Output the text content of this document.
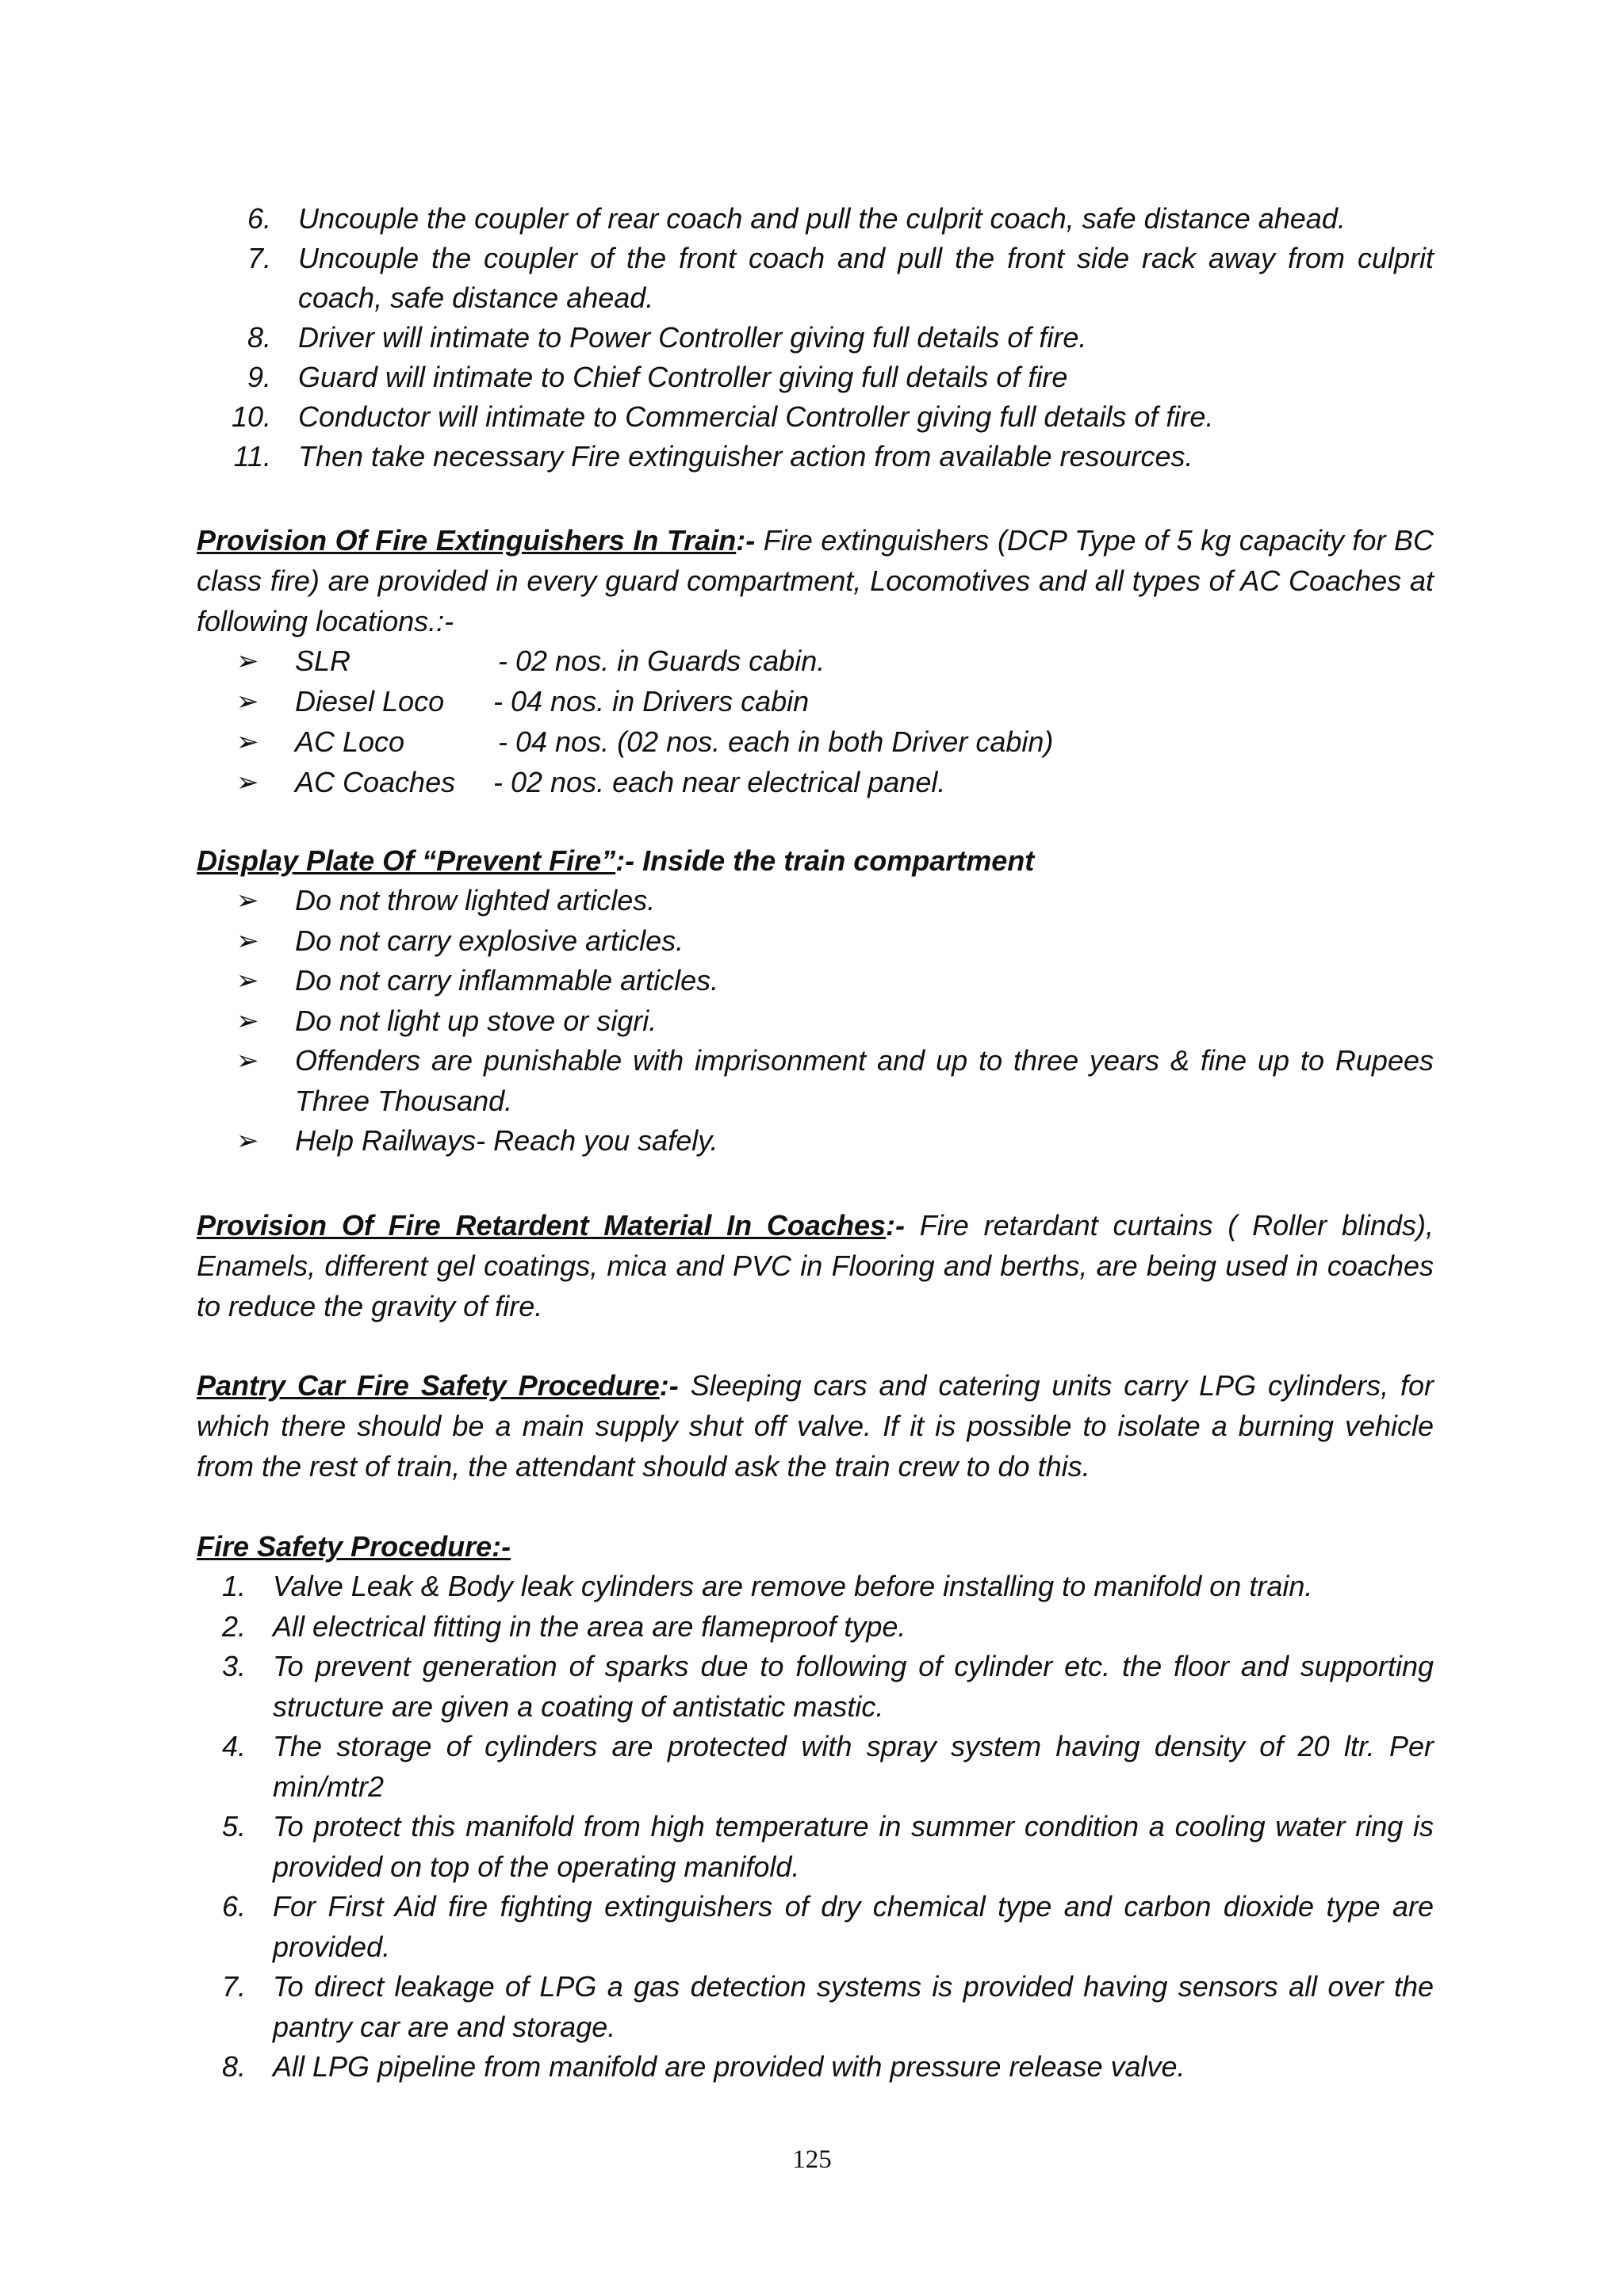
6. Uncouple the coupler of rear coach and pull the culprit coach, safe distance ahead.
7. Uncouple the coupler of the front coach and pull the front side rack away from culprit coach, safe distance ahead.
8. Driver will intimate to Power Controller giving full details of fire.
9. Guard will intimate to Chief Controller giving full details of fire
10. Conductor will intimate to Commercial Controller giving full details of fire.
11. Then take necessary Fire extinguisher action from available resources.

Provision Of Fire Extinguishers In Train:- Fire extinguishers (DCP Type of 5 kg capacity for BC class fire) are provided in every guard compartment, Locomotives and all types of AC Coaches at following locations.:-

➢ SLR	- 02 nos. in Guards cabin.
➢ Diesel Loco - 04 nos. in Drivers cabin
➢ AC Loco	- 04 nos. (02 nos. each in both Driver cabin)
➢ AC Coaches - 02 nos. each near electrical panel.

Display Plate Of “Prevent Fire”:- Inside the train compartment

➢ Do not throw lighted articles.
➢ Do not carry explosive articles.
➢ Do not carry inflammable articles.
➢ Do not light up stove or sigri.
➢ Offenders are punishable with imprisonment and up to three years & fine up to Rupees Three Thousand.
➢ Help Railways- Reach you safely.

Provision Of Fire Retardent Material In Coaches:- Fire retardant curtains ( Roller blinds), Enamels, different gel coatings, mica and PVC in Flooring and berths, are being used in coaches to reduce the gravity of fire.

Pantry Car Fire Safety Procedure:- Sleeping cars and catering units carry LPG cylinders, for which there should be a main supply shut off valve. If it is possible to isolate a burning vehicle from the rest of train, the attendant should ask the train crew to do this.

Fire Safety Procedure:-

1. Valve Leak & Body leak cylinders are remove before installing to manifold on train.
2. All electrical fitting in the area are flameproof type.
3. To prevent generation of sparks due to following of cylinder etc. the floor and supporting structure are given a coating of antistatic mastic.
4. The storage of cylinders are protected with spray system having density of 20 ltr. Per min/mtr2
5. To protect this manifold from high temperature in summer condition a cooling water ring is provided on top of the operating manifold.
6. For First Aid fire fighting extinguishers of dry chemical type and carbon dioxide type are provided.
7. To direct leakage of LPG a gas detection systems is provided having sensors all over the pantry car are and storage.
8. All LPG pipeline from manifold are provided with pressure release valve.
125
